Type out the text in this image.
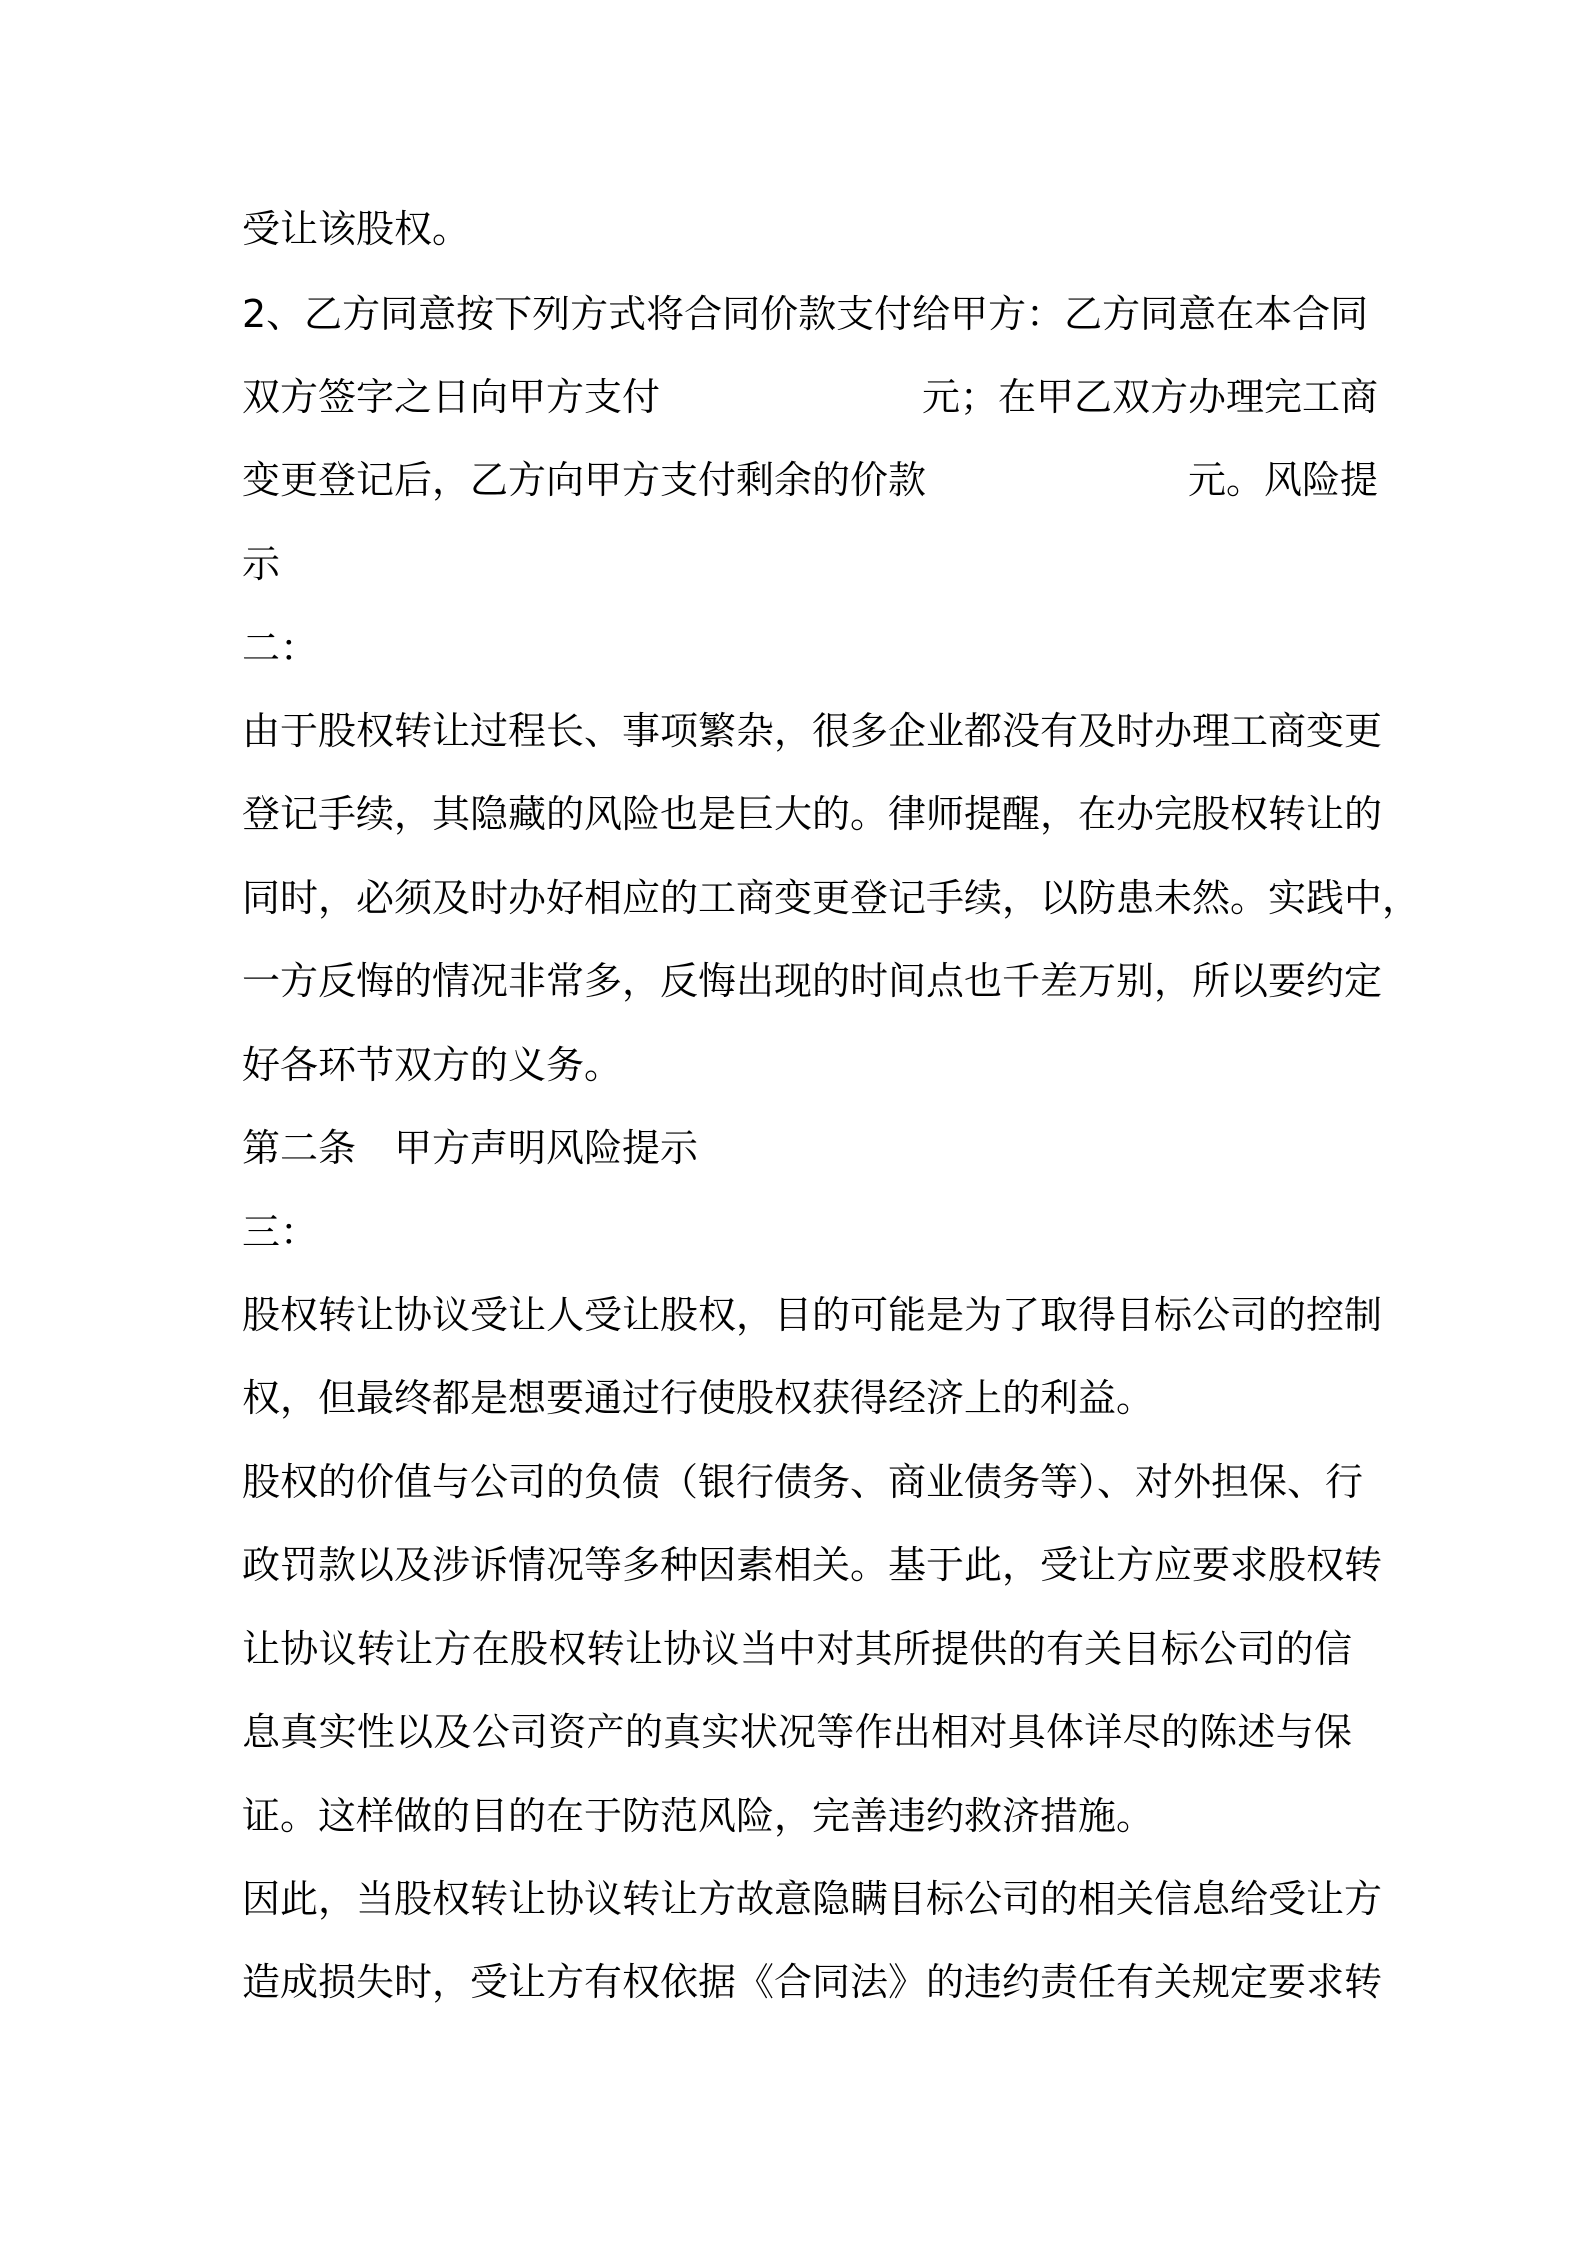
受让该股权。
2、乙方同意按下列方式将合同价款支付给甲方：乙方同意在本合同
双方签字之日向甲方支付	元；在甲乙双方办理完工商
变更登记后，乙方向甲方支付剩余的价款	元。风险提
示
二：
由于股权转让过程长、事项繁杂，很多企业都没有及时办理工商变更
登记手续，其隐藏的风险也是巨大的。律师提醒，在办完股权转让的
同时，必须及时办好相应的工商变更登记手续，以防患未然。实践中，
一方反悔的情况非常多，反悔出现的时间点也千差万别，所以要约定
好各环节双方的义务。
第二条　甲方声明风险提示
三：
股权转让协议受让人受让股权，目的可能是为了取得目标公司的控制
权，但最终都是想要通过行使股权获得经济上的利益。
股权的价值与公司的负债（银行债务、商业债务等）、对外担保、行
政罚款以及涉诉情况等多种因素相关。基于此，受让方应要求股权转
让协议转让方在股权转让协议当中对其所提供的有关目标公司的信
息真实性以及公司资产的真实状况等作出相对具体详尽的陈述与保
证。这样做的目的在于防范风险，完善违约救济措施。
因此，当股权转让协议转让方故意隐瞒目标公司的相关信息给受让方
造成损失时，受让方有权依据《合同法》的违约责任有关规定要求转
